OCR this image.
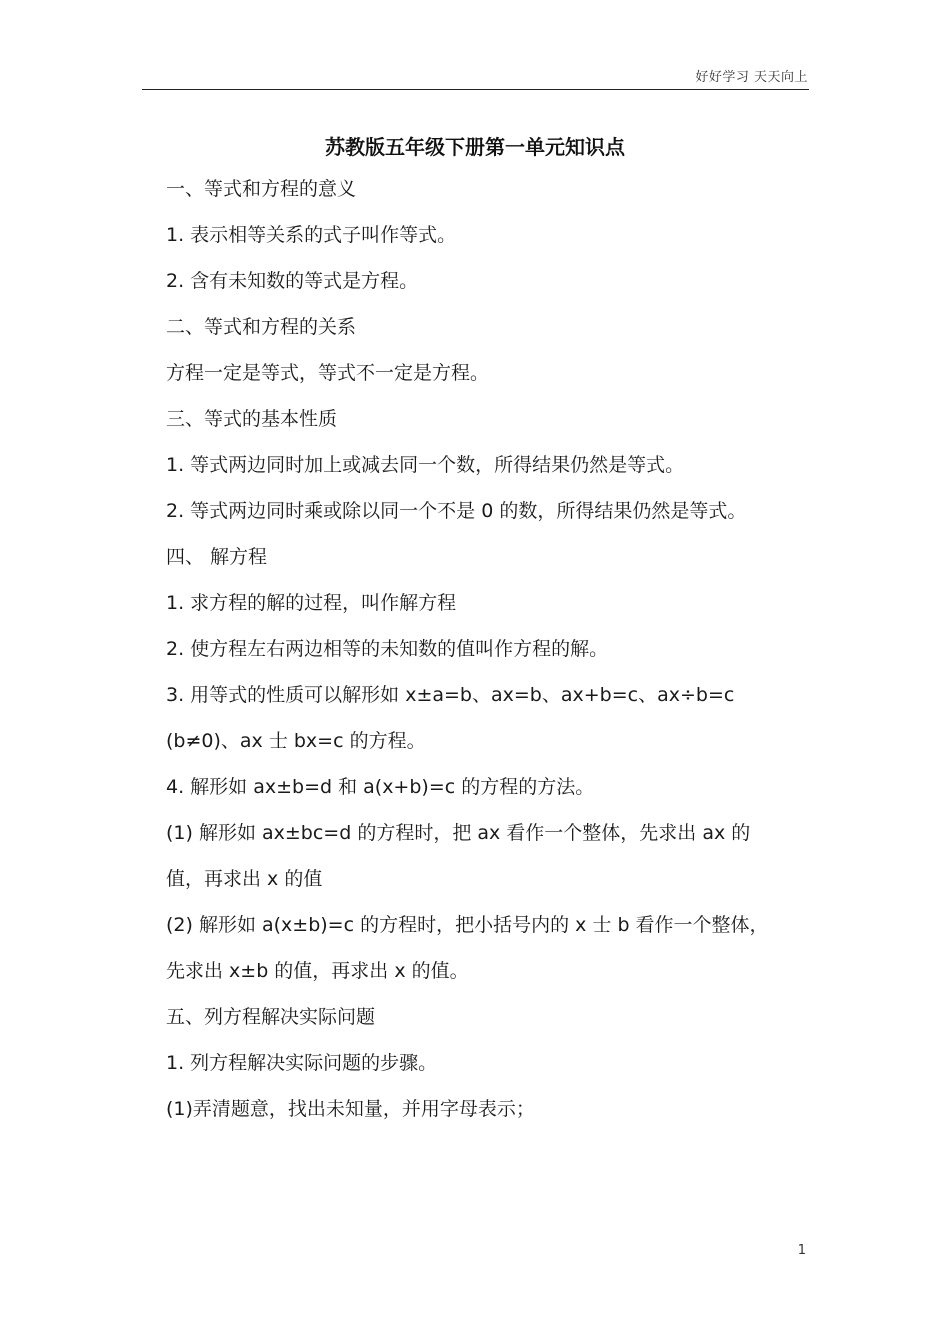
好好学习 天天向上
苏教版五年级下册第一单元知识点
一、等式和方程的意义
1. 表示相等关系的式子叫作等式。
2. 含有未知数的等式是方程。
二、等式和方程的关系
方程一定是等式，等式不一定是方程。
三、等式的基本性质
1. 等式两边同时加上或减去同一个数，所得结果仍然是等式。
2. 等式两边同时乘或除以同一个不是 0 的数，所得结果仍然是等式。
四、 解方程
1. 求方程的解的过程，叫作解方程
2. 使方程左右两边相等的未知数的值叫作方程的解。
3. 用等式的性质可以解形如 x±a=b、ax=b、ax+b=c、ax÷b=c
(b≠0)、ax 士 bx=c 的方程。
4. 解形如 ax±b=d 和 a(x+b)=c 的方程的方法。
(1) 解形如 ax±bc=d 的方程时，把 ax 看作一个整体，先求出 ax 的
值，再求出 x 的值
(2) 解形如 a(x±b)=c 的方程时，把小括号内的 x 士 b 看作一个整体，
先求出 x±b 的值，再求出 x 的值。
五、列方程解决实际问题
1. 列方程解决实际问题的步骤。
(1)弄清题意，找出未知量，并用字母表示；
1
